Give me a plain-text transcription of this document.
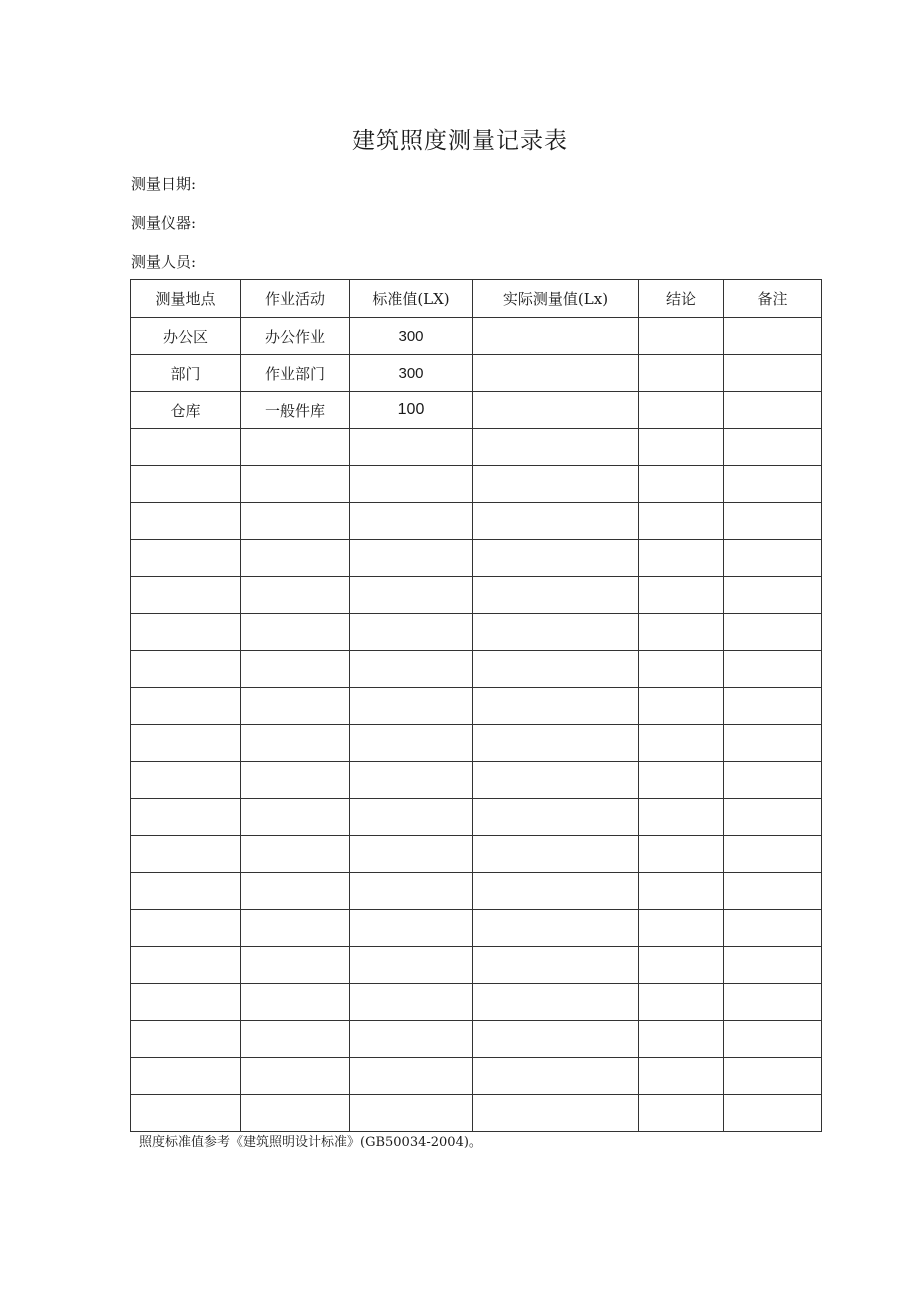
建筑照度测量记录表
测量日期:
测量仪器:
测量人员:
测量地点	作业活动	标准值(LX)	实际测量值(Lx)	结论	备注
办公区	办公作业	300			
部门	作业部门	300			
仓库	一般件库	100			

照度标准值参考《建筑照明设计标准》(GB50034-2004)。
